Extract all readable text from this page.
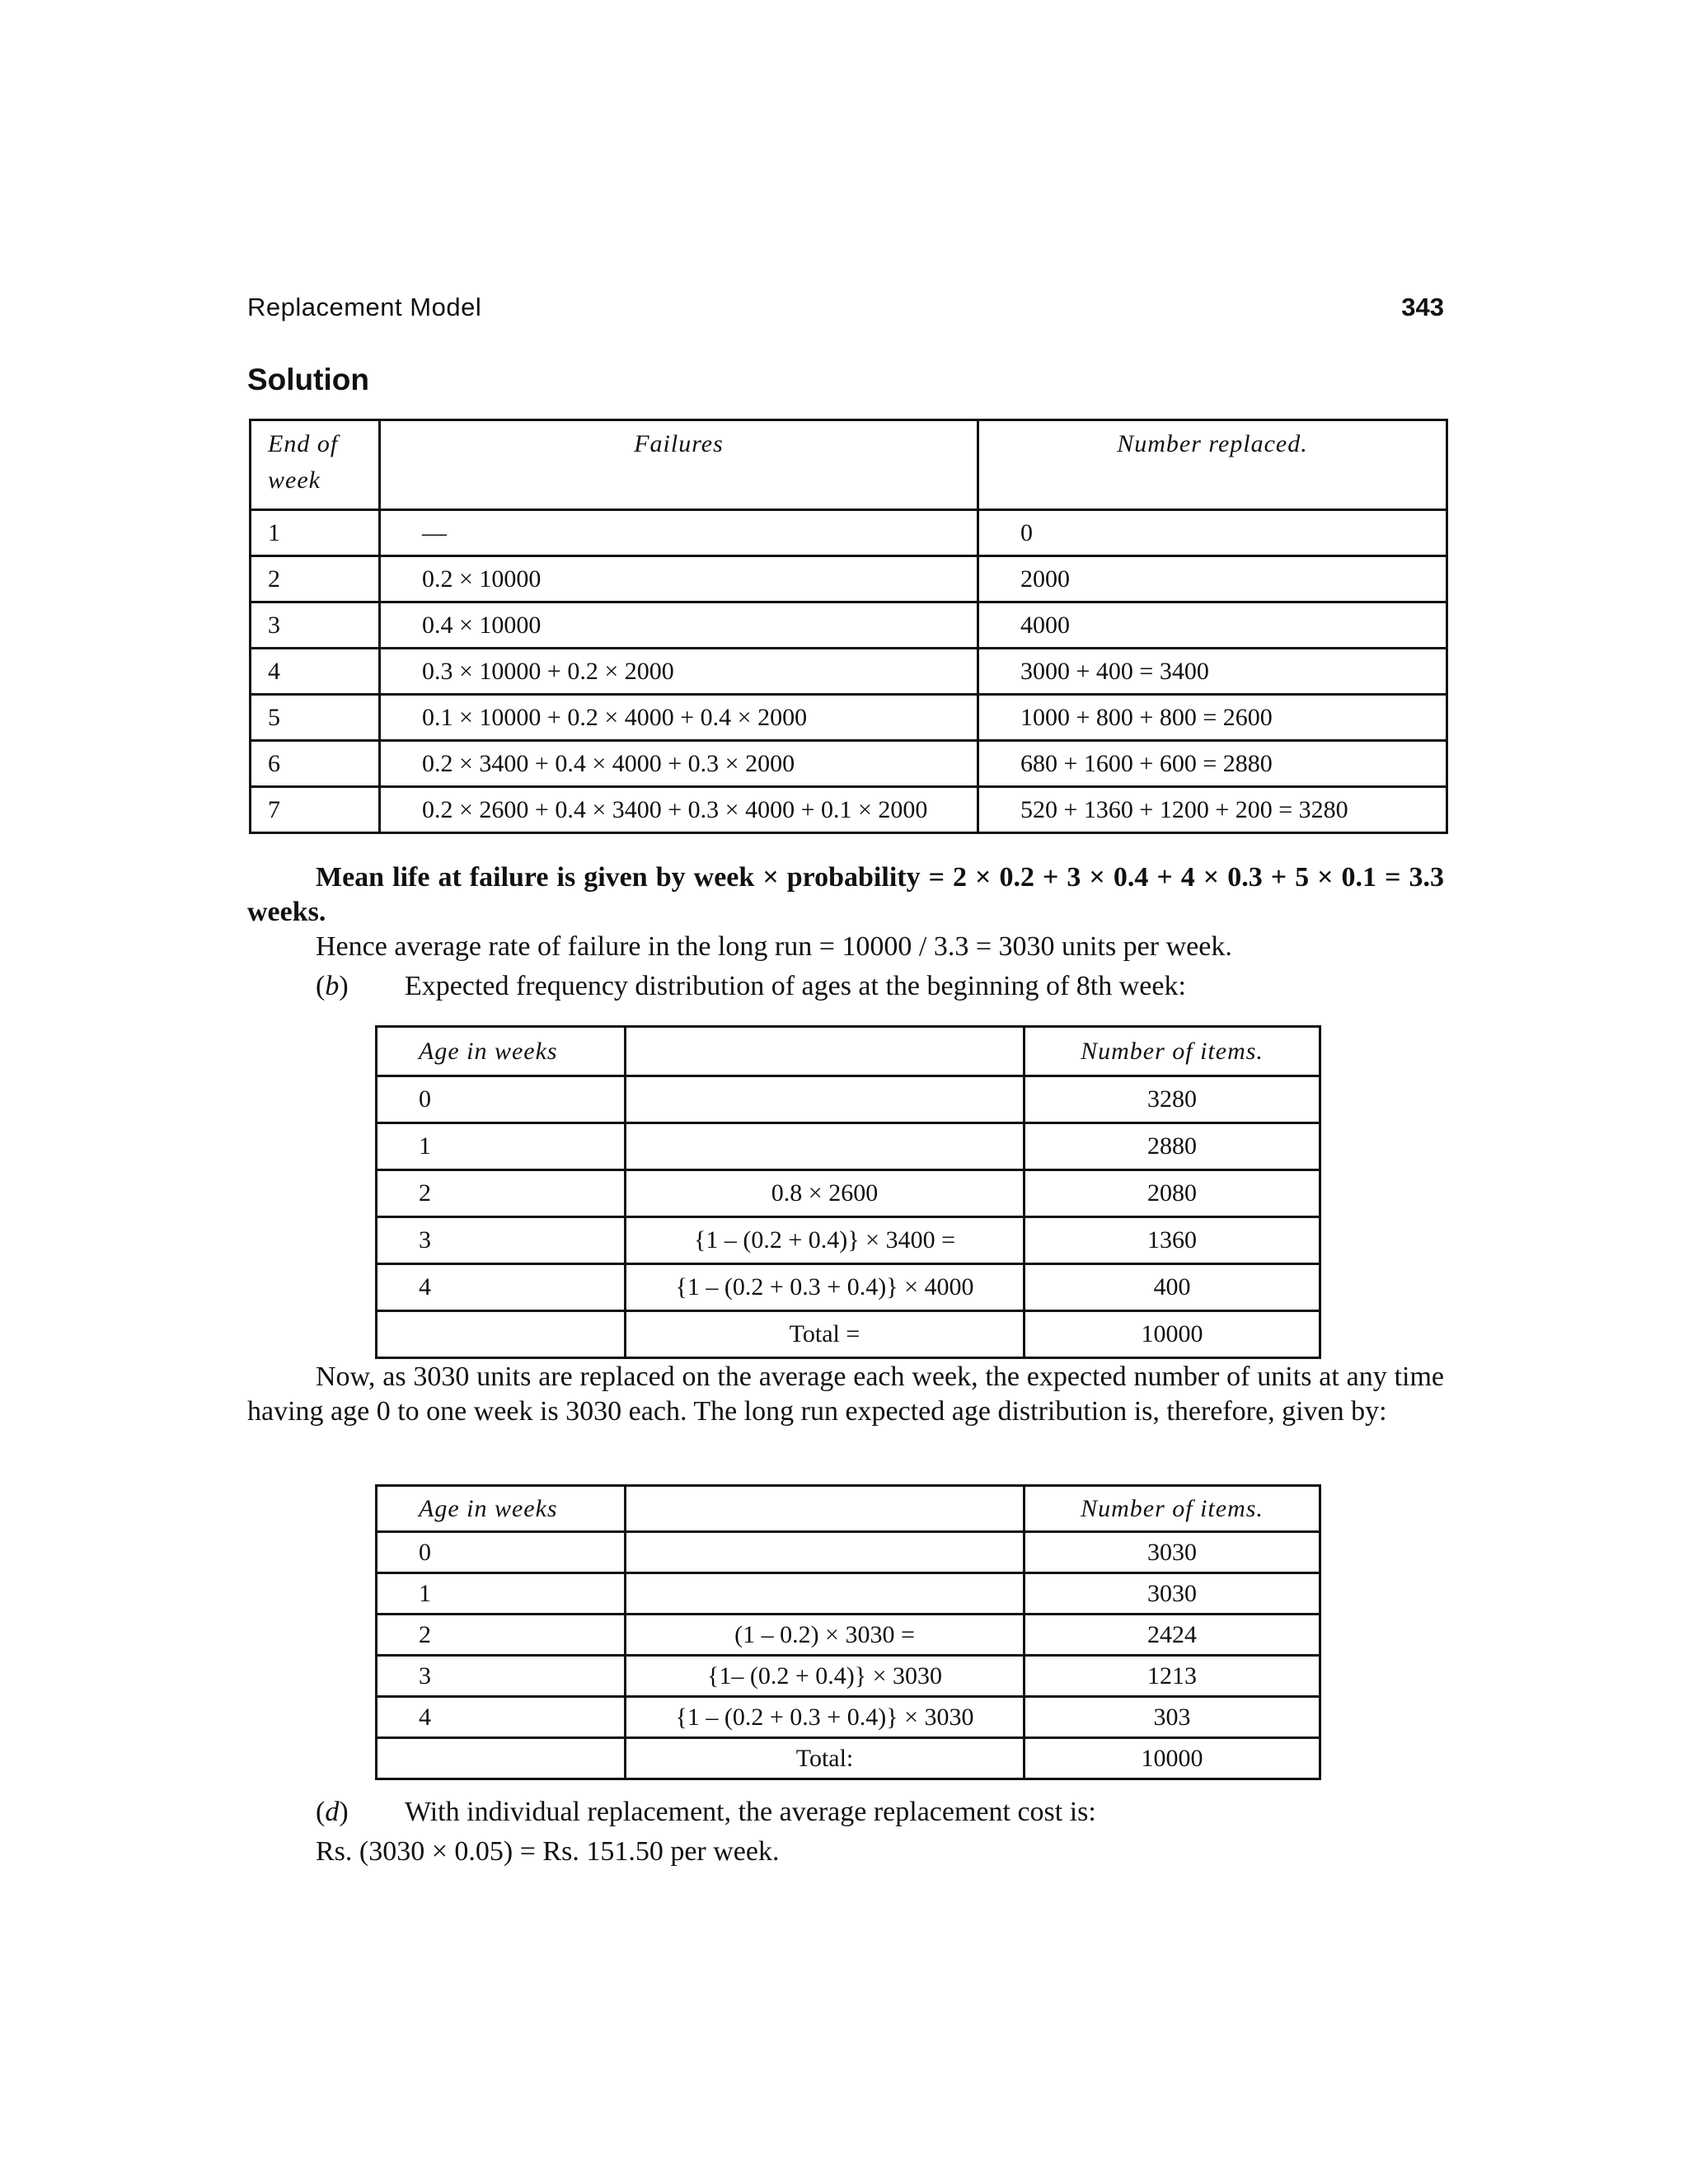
Replacement Model	343
Solution
End of week	Failures	Number replaced.
1	—	0
2	0.2 × 10000	2000
3	0.4 × 10000	4000
4	0.3 × 10000 + 0.2 × 2000	3000 + 400 = 3400
5	0.1 × 10000 + 0.2 × 4000 + 0.4 × 2000	1000 + 800 + 800 = 2600
6	0.2 × 3400 + 0.4 × 4000 + 0.3 × 2000	680 + 1600 + 600 = 2880
7	0.2 × 2600 + 0.4 × 3400 + 0.3 × 4000 + 0.1 × 2000	520 + 1360 + 1200 + 200 = 3280

Mean life at failure is given by week × probability = 2 × 0.2 + 3 × 0.4 + 4 × 0.3 + 5 × 0.1 = 3.3 weeks.

Hence average rate of failure in the long run = 10000 / 3.3 = 3030 units per week.

(b) Expected frequency distribution of ages at the beginning of 8th week:

Age in weeks		Number of items.
0		3280
1		2880
2	0.8 × 2600	2080
3	{1 – (0.2 + 0.4)} × 3400 =	1360
4	{1 – (0.2 + 0.3 + 0.4)} × 4000	400
	Total =	10000

Now, as 3030 units are replaced on the average each week, the expected number of units at any time having age 0 to one week is 3030 each. The long run expected age distribution is, therefore, given by:

Age in weeks		Number of items.
0		3030
1		3030
2	(1 – 0.2) × 3030 =	2424
3	{1– (0.2 + 0.4)} × 3030	1213
4	{1 – (0.2 + 0.3 + 0.4)} × 3030	303
	Total:	10000

(d) With individual replacement, the average replacement cost is:

Rs. (3030 × 0.05) = Rs. 151.50 per week.
